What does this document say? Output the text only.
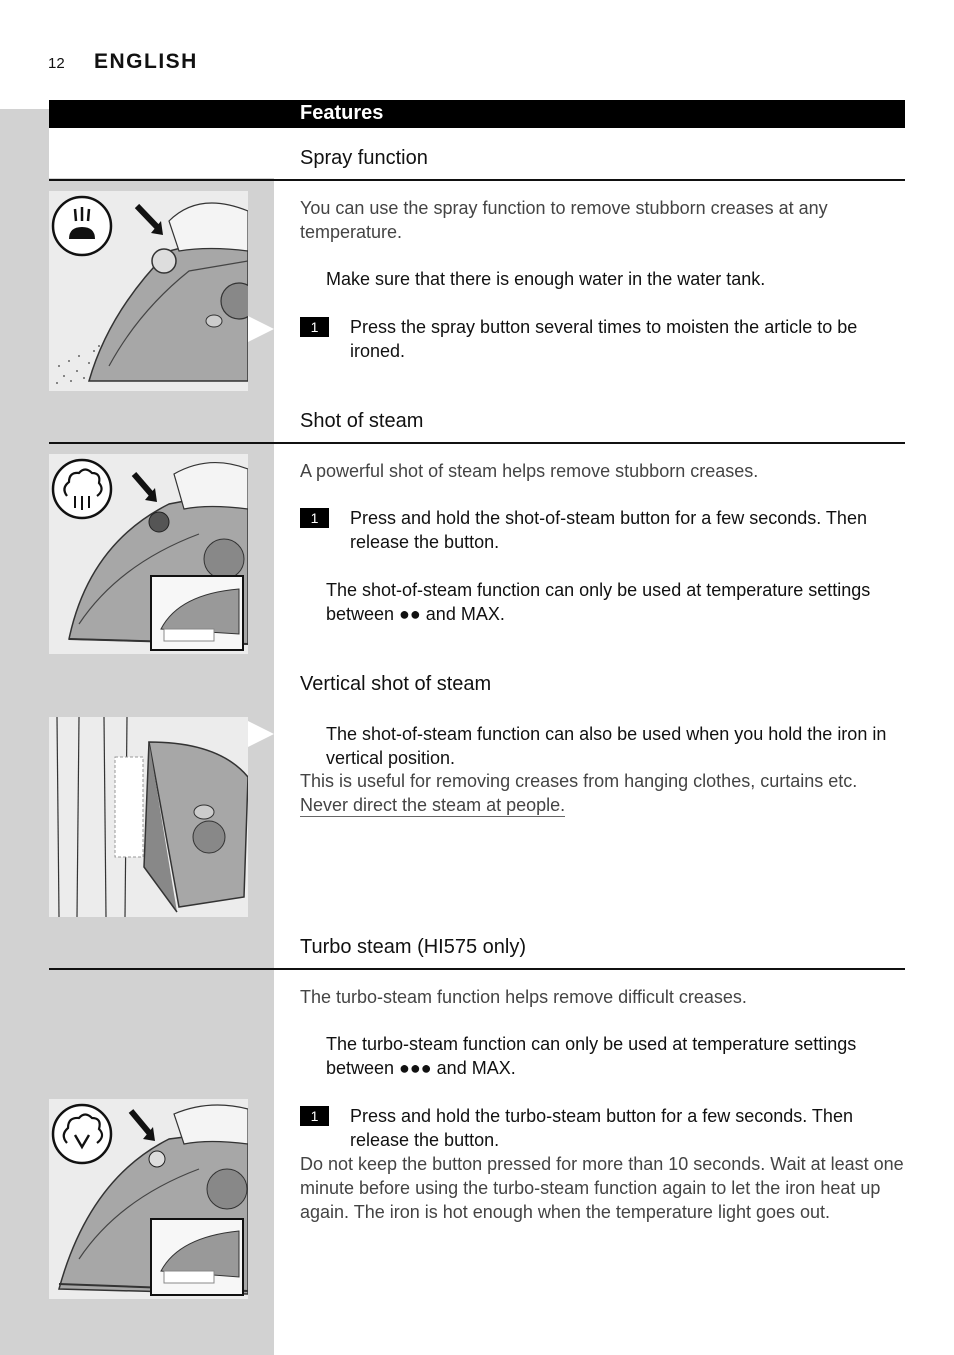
12 ENGLISH
Features
Spray function
You can use the spray function to remove stubborn creases at any temperature.
Make sure that there is enough water in the water tank.
1	Press the spray button several times to moisten the article to be ironed.
Shot of steam
A powerful shot of steam helps remove stubborn creases.
1	Press and hold the shot-of-steam button for a few seconds. Then release the button.
The shot-of-steam function can only be used at temperature settings between ●● and MAX.
Vertical shot of steam
The shot-of-steam function can also be used when you hold the iron in vertical position.
This is useful for removing creases from hanging clothes, curtains etc.
Never direct the steam at people.
Turbo steam (HI575 only)
The turbo-steam function helps remove difficult creases.
The turbo-steam function can only be used at temperature settings between ●●● and MAX.
1	Press and hold the turbo-steam button for a few seconds. Then release the button.
Do not keep the button pressed for more than 10 seconds. Wait at least one minute before using the turbo-steam function again to let the iron heat up again. The iron is hot enough when the temperature light goes out.
